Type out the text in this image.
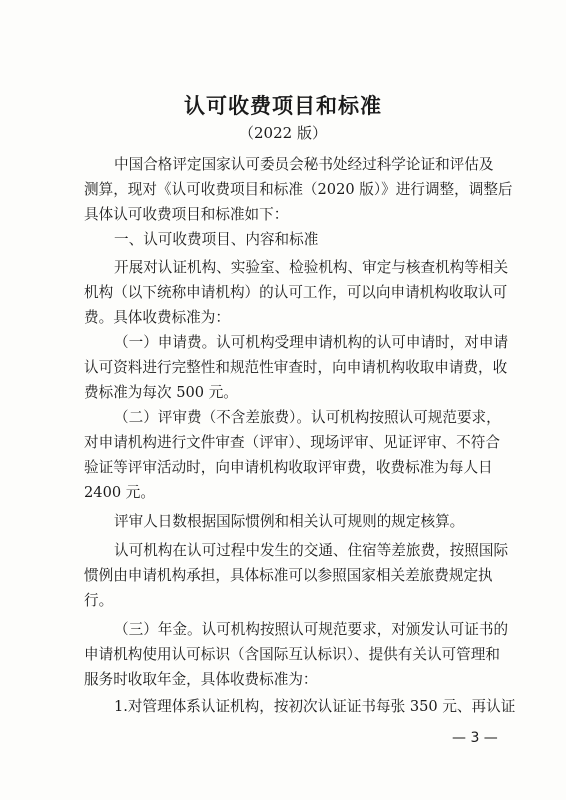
认可收费项目和标准
（2022 版）
中国合格评定国家认可委员会秘书处经过科学论证和评估及
测算，现对《认可收费项目和标准（2020 版）》进行调整，调整后
具体认可收费项目和标准如下：
一、认可收费项目、内容和标准
开展对认证机构、实验室、检验机构、审定与核查机构等相关
机构（以下统称申请机构）的认可工作，可以向申请机构收取认可
费。具体收费标准为：
（一）申请费。认可机构受理申请机构的认可申请时，对申请
认可资料进行完整性和规范性审查时，向申请机构收取申请费，收
费标准为每次 500 元。
（二）评审费（不含差旅费）。认可机构按照认可规范要求，
对申请机构进行文件审查（评审）、现场评审、见证评审、不符合
验证等评审活动时，向申请机构收取评审费，收费标准为每人日
2400 元。
评审人日数根据国际惯例和相关认可规则的规定核算。
认可机构在认可过程中发生的交通、住宿等差旅费，按照国际
惯例由申请机构承担，具体标准可以参照国家相关差旅费规定执
行。
（三）年金。认可机构按照认可规范要求，对颁发认可证书的
申请机构使用认可标识（含国际互认标识）、提供有关认可管理和
服务时收取年金，具体收费标准为：
1.对管理体系认证机构，按初次认证证书每张 350 元、再认证
— 3 —
